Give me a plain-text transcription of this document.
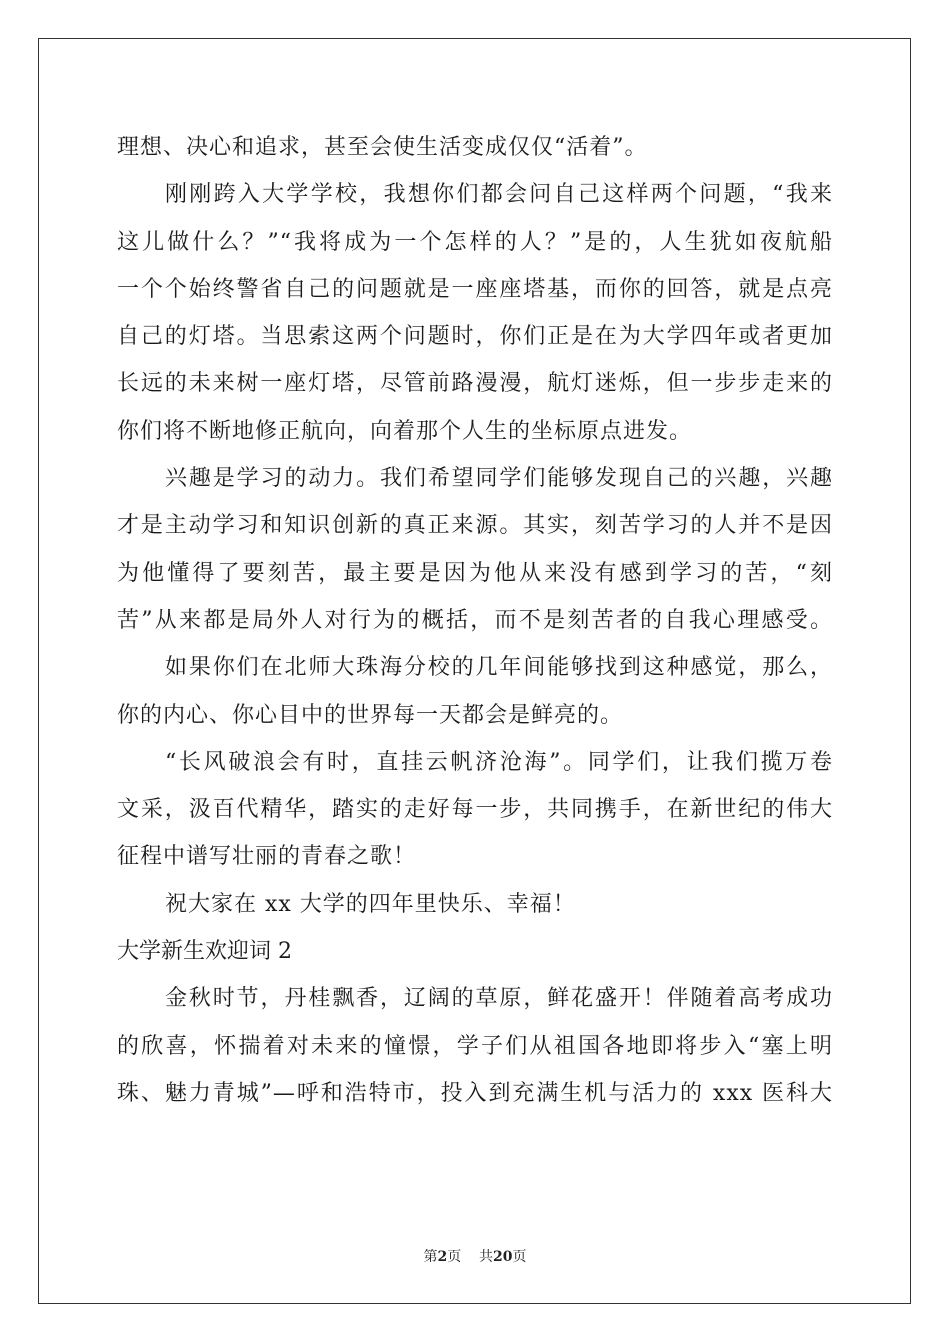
理想、决心和追求，甚至会使生活变成仅仅“活着”。
刚刚跨入大学学校，我想你们都会问自己这样两个问题，“我来
这儿做什么？”“我将成为一个怎样的人？”是的，人生犹如夜航船
一个个始终警省自己的问题就是一座座塔基，而你的回答，就是点亮
自己的灯塔。当思索这两个问题时，你们正是在为大学四年或者更加
长远的未来树一座灯塔，尽管前路漫漫，航灯迷烁，但一步步走来的
你们将不断地修正航向，向着那个人生的坐标原点进发。
兴趣是学习的动力。我们希望同学们能够发现自己的兴趣，兴趣
才是主动学习和知识创新的真正来源。其实，刻苦学习的人并不是因
为他懂得了要刻苦，最主要是因为他从来没有感到学习的苦，“刻
苦”从来都是局外人对行为的概括，而不是刻苦者的自我心理感受。
如果你们在北师大珠海分校的几年间能够找到这种感觉，那么，
你的内心、你心目中的世界每一天都会是鲜亮的。
“长风破浪会有时，直挂云帆济沧海”。同学们，让我们揽万卷
文采，汲百代精华，踏实的走好每一步，共同携手，在新世纪的伟大
征程中谱写壮丽的青春之歌！
祝大家在 xx 大学的四年里快乐、幸福！
大学新生欢迎词 2
金秋时节，丹桂飘香，辽阔的草原，鲜花盛开！伴随着高考成功
的欣喜，怀揣着对未来的憧憬，学子们从祖国各地即将步入“塞上明
珠、魅力青城”—呼和浩特市，投入到充满生机与活力的 xxx 医科大
第2页 共20页
